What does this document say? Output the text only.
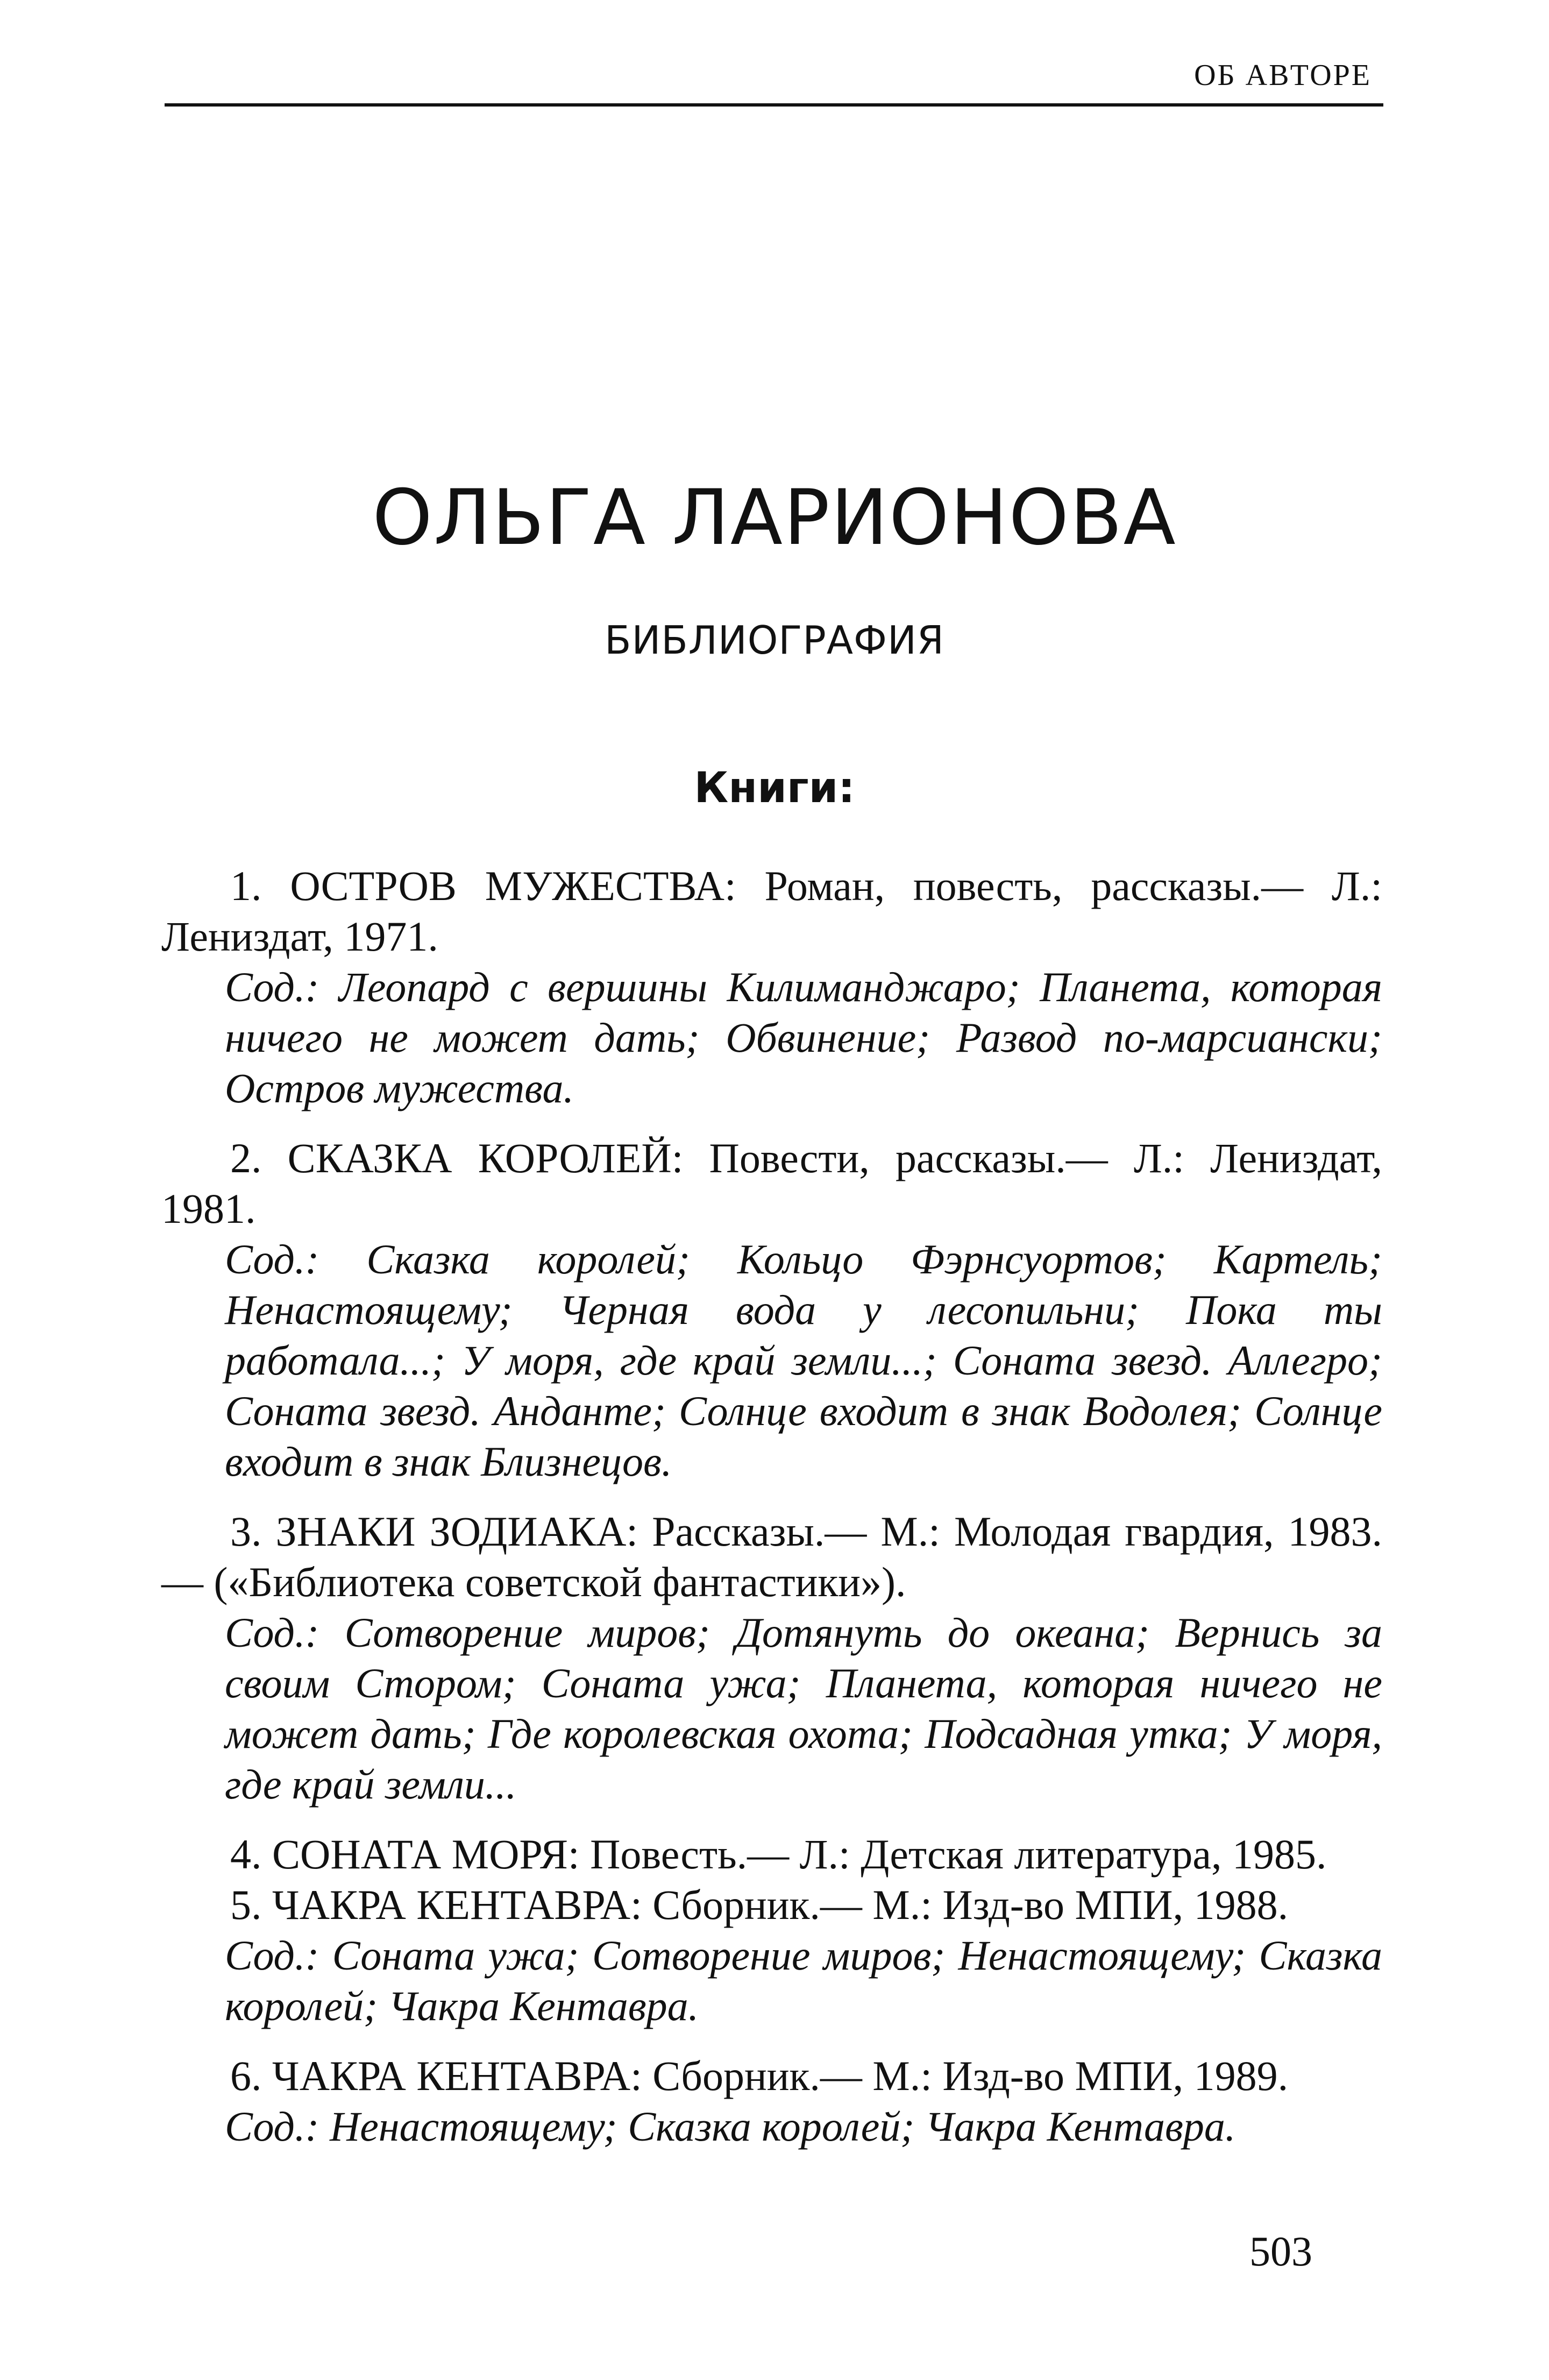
ОБ АВТОРЕ
ОЛЬГА ЛАРИОНОВА
БИБЛИОГРАФИЯ
Книги:

1. ОСТРОВ МУЖЕСТВА: Роман, повесть, рассказы.— Л.: Лениздат, 1971.

Сод.: Леопард с вершины Килиманджаро; Планета, которая ничего не может дать; Обвинение; Развод по-марсиански; Остров мужества.

2. СКАЗКА КОРОЛЕЙ: Повести, рассказы.— Л.: Лениздат, 1981.

Сод.: Сказка королей; Кольцо Фэрнсуортов; Картель; Ненастоящему; Черная вода у лесопильни; Пока ты работала...; У моря, где край земли...; Соната звезд. Аллегро; Соната звезд. Анданте; Солнце входит в знак Водолея; Солнце входит в знак Близнецов.

3. ЗНАКИ ЗОДИАКА: Рассказы.— М.: Молодая гвардия, 1983.— («Библиотека советской фантастики»).

Сод.: Сотворение миров; Дотянуть до океана; Вернись за своим Стором; Соната ужа; Планета, которая ничего не может дать; Где королевская охота; Подсадная утка; У моря, где край земли...

4. СОНАТА МОРЯ: Повесть.— Л.: Детская литература, 1985.

5. ЧАКРА КЕНТАВРА: Сборник.— М.: Изд-во МПИ, 1988.

Сод.: Соната ужа; Сотворение миров; Ненастоящему; Сказка королей; Чакра Кентавра.

6. ЧАКРА КЕНТАВРА: Сборник.— М.: Изд-во МПИ, 1989.

Сод.: Ненастоящему; Сказка королей; Чакра Кентавра.

503
